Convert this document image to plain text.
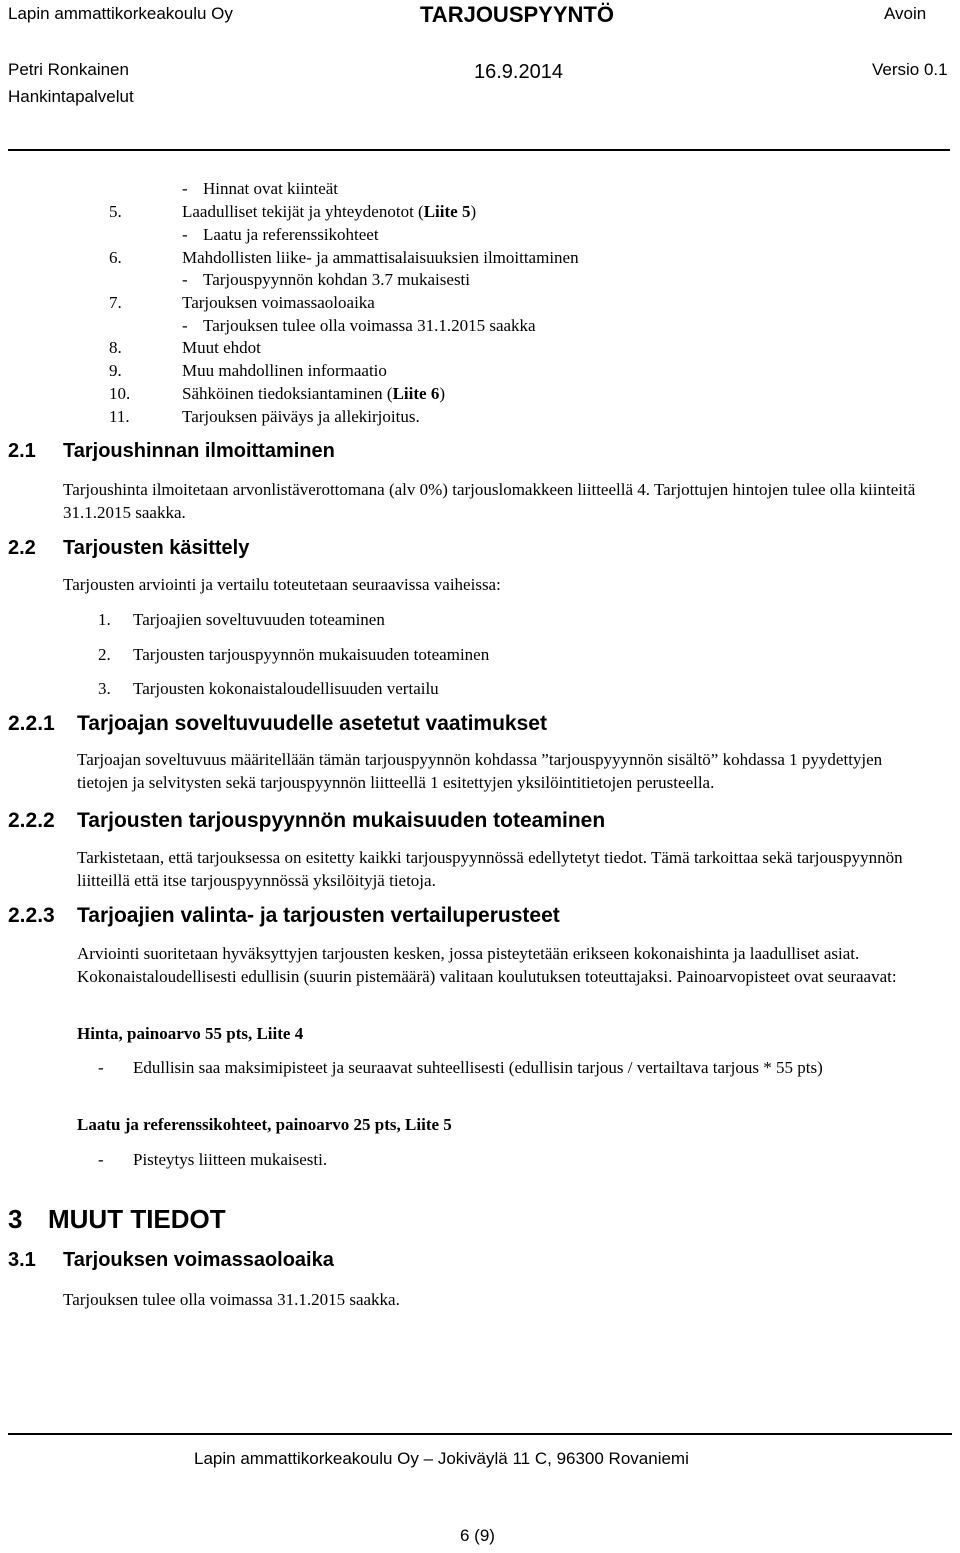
Lapin ammattikorkeakoulu Oy	TARJOUSPYYNTÖ	Avoin
Petri Ronkainen	16.9.2014	Versio 0.1
Hankintapalvelut
- Hinnat ovat kiinteät
5.	Laadulliset tekijät ja yhteydenotot (Liite 5)
- Laatu ja referenssikohteet
6.	Mahdollisten liike- ja ammattisalaisuuksien ilmoittaminen
- Tarjouspyynnön kohdan 3.7 mukaisesti
7.	Tarjouksen voimassaoloaika
- Tarjouksen tulee olla voimassa 31.1.2015 saakka
8.	Muut ehdot
9.	Muu mahdollinen informaatio
10.	Sähköinen tiedoksiantaminen (Liite 6)
11.	Tarjouksen päiväys ja allekirjoitus.
2.1 Tarjoushinnan ilmoittaminen
Tarjoushinta ilmoitetaan arvonlistäverottomana (alv 0%) tarjouslomakkeen liitteellä 4. Tarjottujen hintojen tulee olla kiinteitä 31.1.2015 saakka.
2.2 Tarjousten käsittely
Tarjousten arviointi ja vertailu toteutetaan seuraavissa vaiheissa:
1. Tarjoajien soveltuvuuden toteaminen
2. Tarjousten tarjouspyynnön mukaisuuden toteaminen
3. Tarjousten kokonaistaloudellisuuden vertailu
2.2.1 Tarjoajan soveltuvuudelle asetetut vaatimukset
Tarjoajan soveltuvuus määritellään tämän tarjouspyynnön kohdassa ”tarjouspyyynnön sisältö” kohdassa 1 pyydettyjen tietojen ja selvitysten sekä tarjouspyynnön liitteellä 1 esitettyjen yksilöintitietojen perusteella.
2.2.2 Tarjousten tarjouspyynnön mukaisuuden toteaminen
Tarkistetaan, että tarjouksessa on esitetty kaikki tarjouspyynnössä edellytetyt tiedot. Tämä tarkoittaa sekä tarjouspyynnön liitteillä että itse tarjouspyynnössä yksilöityjä tietoja.
2.2.3 Tarjoajien valinta- ja tarjousten vertailuperusteet
Arviointi suoritetaan hyväksyttyjen tarjousten kesken, jossa pisteytetään erikseen kokonaishinta ja laadulliset asiat. Kokonaistaloudellisesti edullisin (suurin pistemäärä) valitaan koulutuksen toteuttajaksi. Painoarvopisteet ovat seuraavat:
Hinta, painoarvo 55 pts, Liite 4
- Edullisin saa maksimipisteet ja seuraavat suhteellisesti (edullisin tarjous / vertailtava tarjous * 55 pts)
Laatu ja referenssikohteet, painoarvo 25 pts, Liite 5
- Pisteytys liitteen mukaisesti.
3 MUUT TIEDOT
3.1 Tarjouksen voimassaoloaika
Tarjouksen tulee olla voimassa 31.1.2015 saakka.
Lapin ammattikorkeakoulu Oy – Jokiväylä 11 C, 96300 Rovaniemi
6 (9)
